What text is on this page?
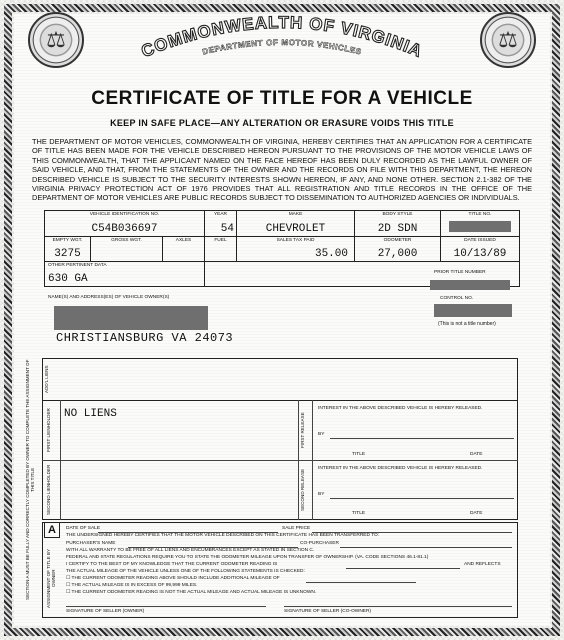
COMMONWEALTH OF VIRGINIA
DEPARTMENT OF MOTOR VEHICLES
⚖	⚖
CERTIFICATE OF TITLE FOR A VEHICLE
KEEP IN SAFE PLACE—ANY ALTERATION OR ERASURE VOIDS THIS TITLE
THE DEPARTMENT OF MOTOR VEHICLES, COMMONWEALTH OF VIRGINIA, HEREBY CERTIFIES THAT AN APPLICATION FOR A CERTIFICATE OF TITLE HAS BEEN MADE FOR THE VEHICLE DESCRIBED HEREON PURSUANT TO THE PROVISIONS OF THE MOTOR VEHICLE LAWS OF THIS COMMONWEALTH, THAT THE APPLICANT NAMED ON THE FACE HEREOF HAS BEEN DULY RECORDED AS THE LAWFUL OWNER OF SAID VEHICLE, AND THAT, FROM THE STATEMENTS OF THE OWNER AND THE RECORDS ON FILE WITH THIS DEPARTMENT, THE HEREON DESCRIBED VEHICLE IS SUBJECT TO THE SECURITY INTERESTS SHOWN HEREON, IF ANY, AND NONE OTHER. SECTION 2.1-382 OF THE VIRGINIA PRIVACY PROTECTION ACT OF 1976 PROVIDES THAT ALL REGISTRATION AND TITLE RECORDS IN THE OFFICE OF THE DEPARTMENT OF MOTOR VEHICLES ARE PUBLIC RECORDS SUBJECT TO DISSEMINATION TO AUTHORIZED AGENCIES OR INDIVIDUALS.
VEHICLE IDENTIFICATION NO.
C54B036697
YEAR
54
MAKE
CHEVROLET
BODY STYLE
2D SDN
TITLE NO.
EMPTY WGT.
3275
GROSS WGT.	AXLES	FUEL	SALES TAX PAID
35.00
ODOMETER
27,000
DATE ISSUED
10/13/89
OTHER PERTINENT DATA
630 GA
PRIOR TITLE NUMBER
NAME(S) AND ADDRESS(ES) OF VEHICLE OWNER(S)
CHRISTIANSBURG VA 24073
CONTROL NO.
(This is not a title number)
SECTION A MUST BE FULLY AND CORRECTLY COMPLETED BY OWNER TO COMPLETE THE ASSIGNMENT OF THIS TITLE
ADD'L LIENS
FIRST LIENHOLDER
SECOND LIENHOLDER
NO LIENS	FIRST RELEASE
SECOND RELEASE
INTEREST IN THE ABOVE DESCRIBED VEHICLE IS HEREBY RELEASED.
BY
TITLE	DATE
INTEREST IN THE ABOVE DESCRIBED VEHICLE IS HEREBY RELEASED.
BY
TITLE	DATE
A
ASSIGNMENT OF TITLE BY OWNER
DATE OF SALE	SALE PRICE
THE UNDERSIGNED HEREBY CERTIFIES THAT THE MOTOR VEHICLE DESCRIBED ON THIS CERTIFICATE HAS BEEN TRANSFERRED TO:
PURCHASER'S NAME	CO-PURCHASER
WITH ALL WARRANTY TO BE FREE OF ALL LIENS AND ENCUMBRANCES EXCEPT AS STATED IN SECTION C.
FEDERAL AND STATE REGULATIONS REQUIRE YOU TO STATE THE ODOMETER MILEAGE UPON TRANSFER OF OWNERSHIP. (VA. CODE SECTIONS 46.1-81.1)
I CERTIFY TO THE BEST OF MY KNOWLEDGE THAT THE CURRENT ODOMETER READING IS	AND REFLECTS
THE ACTUAL MILEAGE OF THE VEHICLE UNLESS ONE OF THE FOLLOWING STATEMENTS IS CHECKED:
☐ THE CURRENT ODOMETER READING ABOVE SHOULD INCLUDE ADDITIONAL MILEAGE OF
☐ THE ACTUAL MILEAGE IS IN EXCESS OF 99,999 MILES.
☐ THE CURRENT ODOMETER READING IS NOT THE ACTUAL MILEAGE AND ACTUAL MILEAGE IS UNKNOWN.
SIGNATURE OF SELLER (OWNER)	SIGNATURE OF SELLER (CO-OWNER)
